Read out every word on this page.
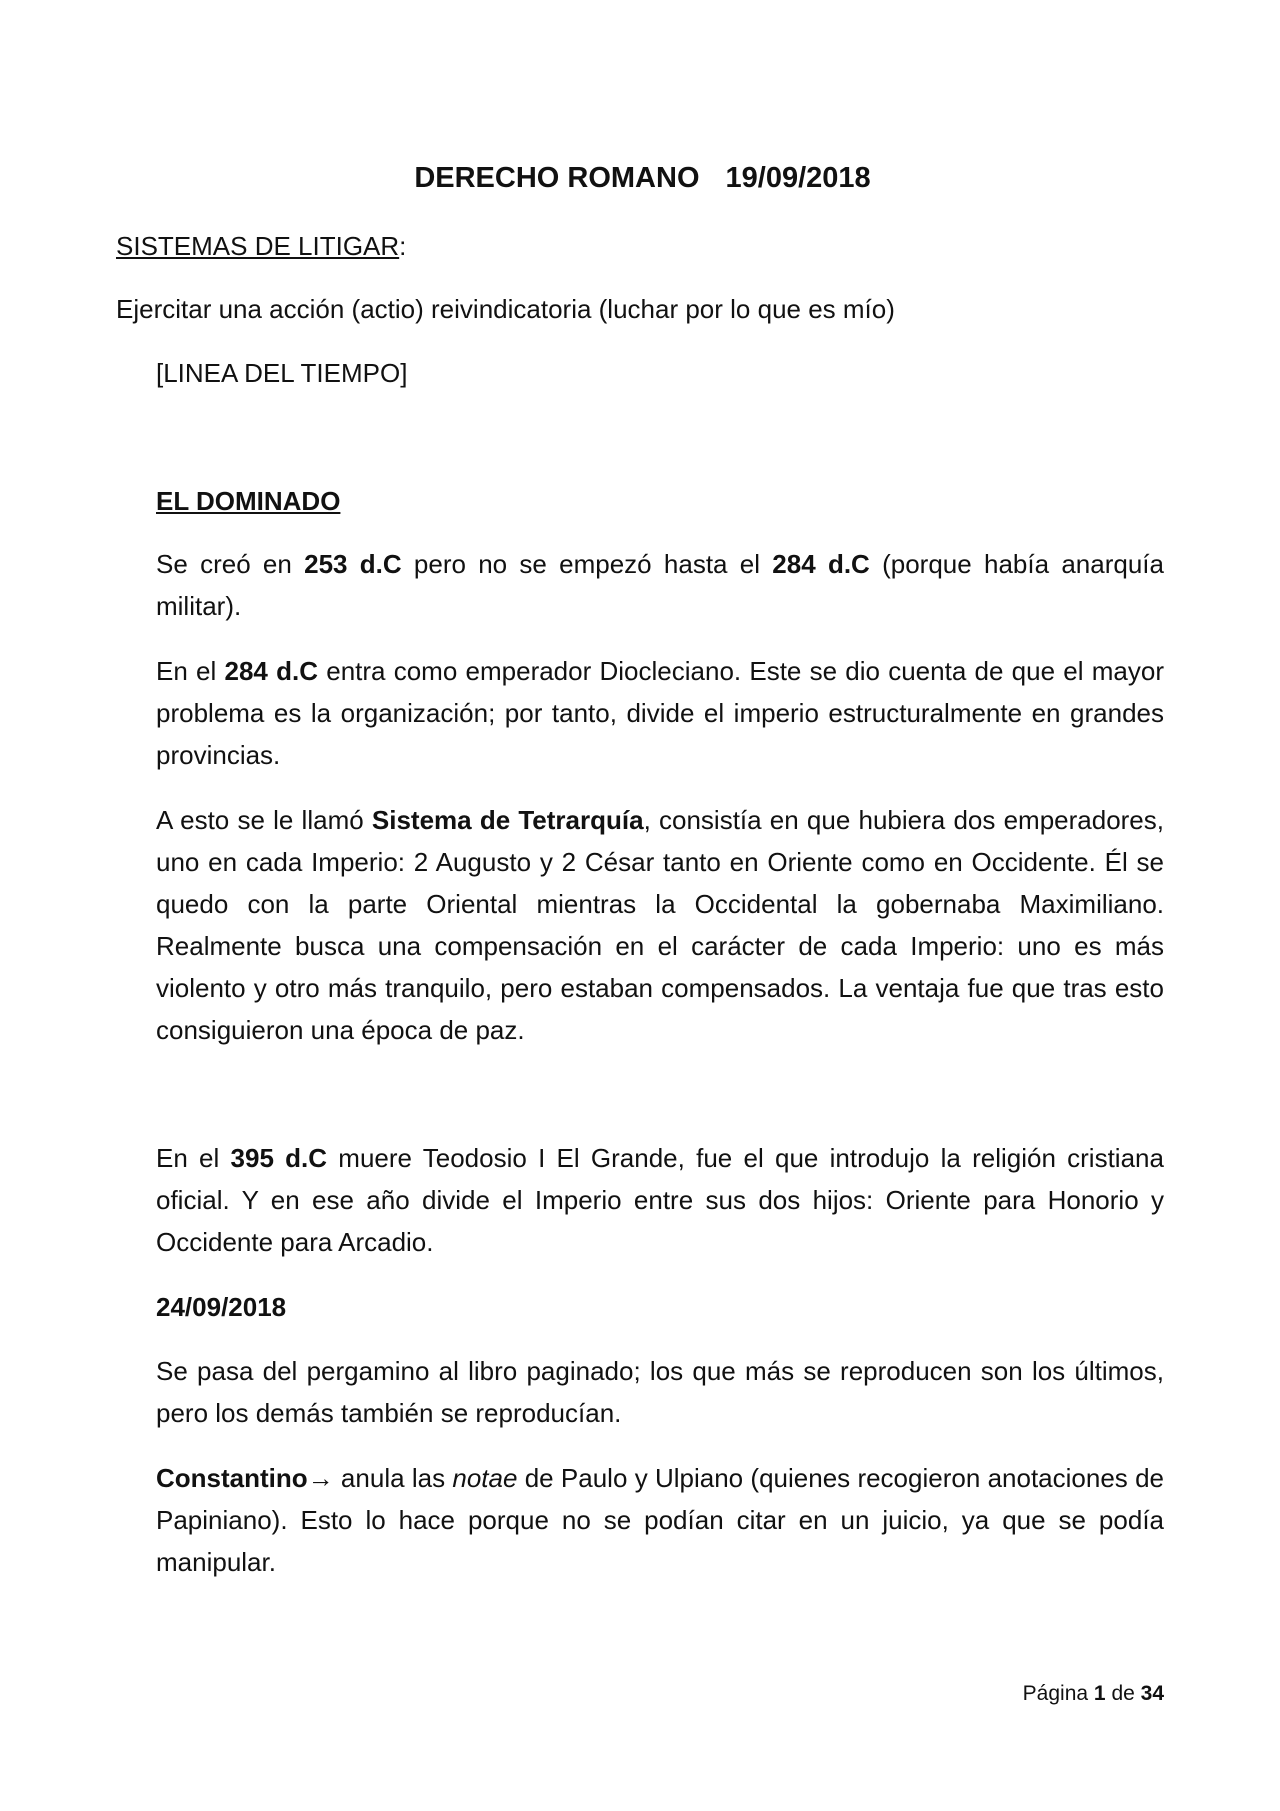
DERECHO ROMANO 19/09/2018

SISTEMAS DE LITIGAR:

Ejercitar una acción (actio) reivindicatoria (luchar por lo que es mío)

[LINEA DEL TIEMPO]

EL DOMINADO

Se creó en 253 d.C pero no se empezó hasta el 284 d.C (porque había anarquía militar).

En el 284 d.C entra como emperador Diocleciano. Este se dio cuenta de que el mayor problema es la organización; por tanto, divide el imperio estructuralmente en grandes provincias.

A esto se le llamó Sistema de Tetrarquía, consistía en que hubiera dos emperadores, uno en cada Imperio: 2 Augusto y 2 César tanto en Oriente como en Occidente. Él se quedo con la parte Oriental mientras la Occidental la gobernaba Maximiliano. Realmente busca una compensación en el carácter de cada Imperio: uno es más violento y otro más tranquilo, pero estaban compensados. La ventaja fue que tras esto consiguieron una época de paz.

En el 395 d.C muere Teodosio I El Grande, fue el que introdujo la religión cristiana oficial. Y en ese año divide el Imperio entre sus dos hijos: Oriente para Honorio y Occidente para Arcadio.

24/09/2018

Se pasa del pergamino al libro paginado; los que más se reproducen son los últimos, pero los demás también se reproducían.

Constantino→ anula las notae de Paulo y Ulpiano (quienes recogieron anotaciones de Papiniano). Esto lo hace porque no se podían citar en un juicio, ya que se podía manipular.

Página 1 de 34
